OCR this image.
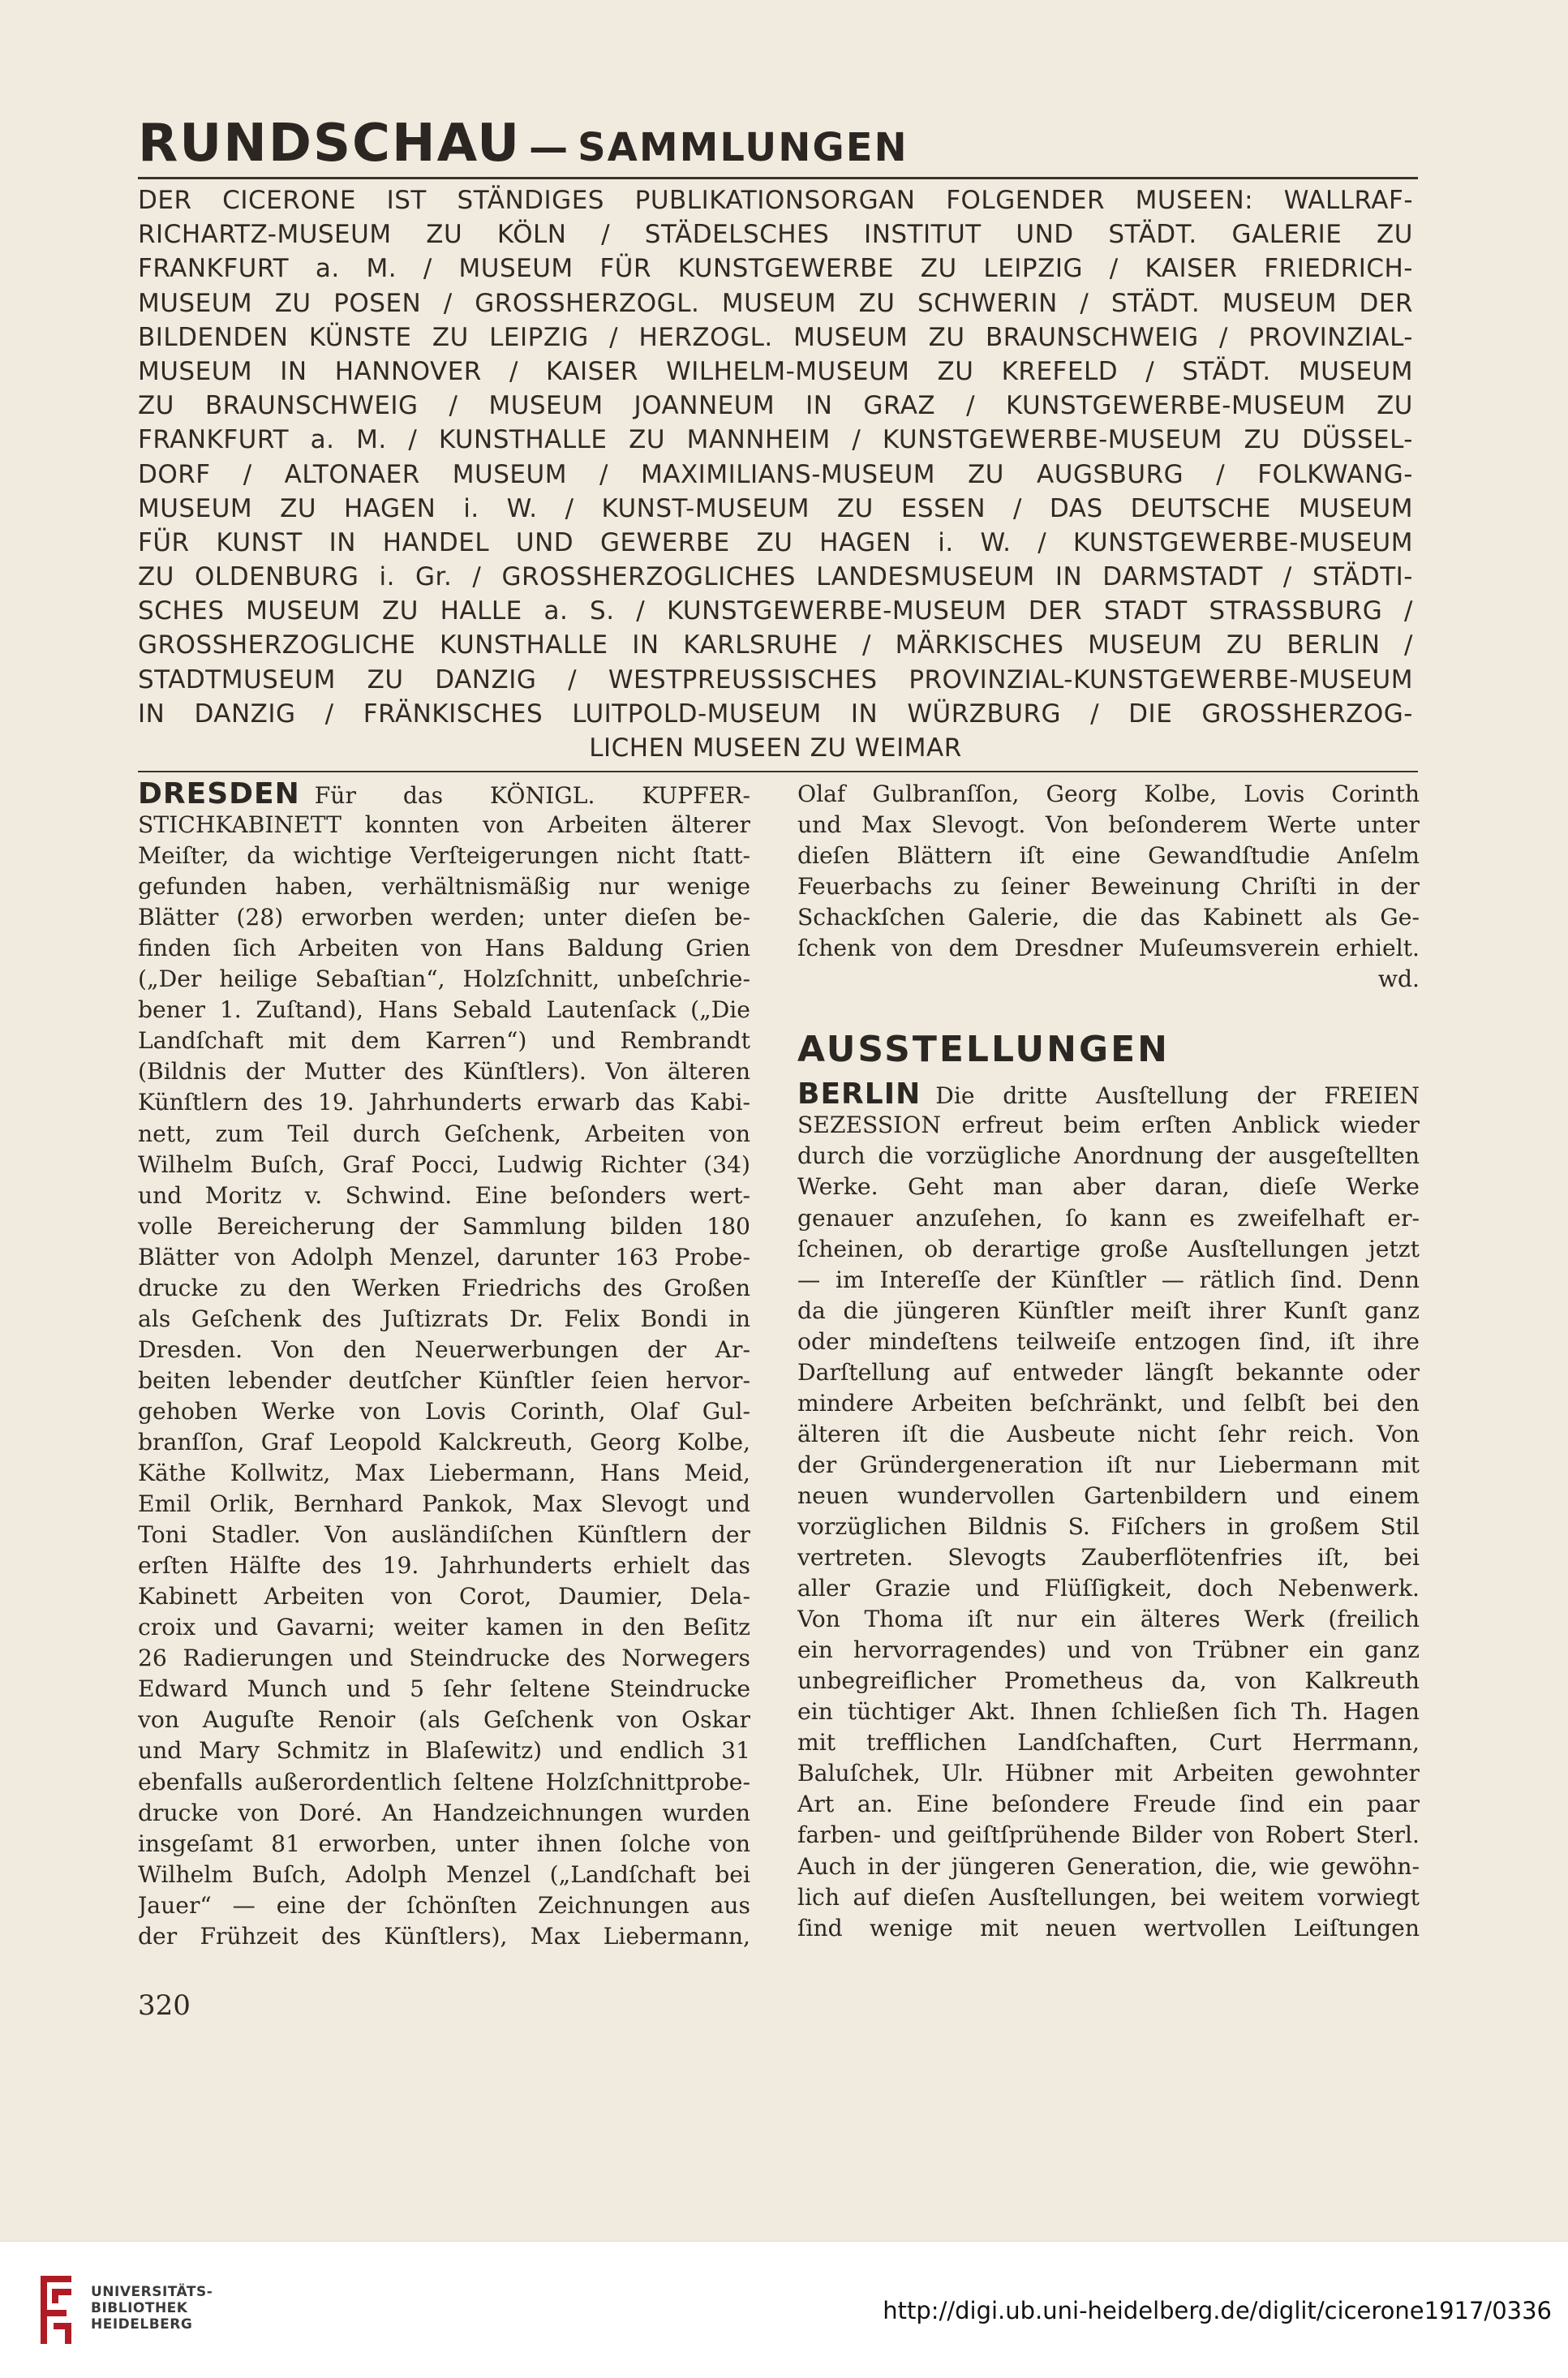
RUNDSCHAU — SAMMLUNGEN
DER CICERONE IST STÄNDIGES PUBLIKATIONSORGAN FOLGENDER MUSEEN: WALLRAF-
RICHARTZ-MUSEUM ZU KÖLN / STÄDELSCHES INSTITUT UND STÄDT. GALERIE ZU
FRANKFURT a. M. / MUSEUM FÜR KUNSTGEWERBE ZU LEIPZIG / KAISER FRIEDRICH-
MUSEUM ZU POSEN / GROSSHERZOGL. MUSEUM ZU SCHWERIN / STÄDT. MUSEUM DER
BILDENDEN KÜNSTE ZU LEIPZIG / HERZOGL. MUSEUM ZU BRAUNSCHWEIG / PROVINZIAL-
MUSEUM IN HANNOVER / KAISER WILHELM-MUSEUM ZU KREFELD / STÄDT. MUSEUM
ZU BRAUNSCHWEIG / MUSEUM JOANNEUM IN GRAZ / KUNSTGEWERBE-MUSEUM ZU
FRANKFURT a. M. / KUNSTHALLE ZU MANNHEIM / KUNSTGEWERBE-MUSEUM ZU DÜSSEL-
DORF / ALTONAER MUSEUM / MAXIMILIANS-MUSEUM ZU AUGSBURG / FOLKWANG-
MUSEUM ZU HAGEN i. W. / KUNST-MUSEUM ZU ESSEN / DAS DEUTSCHE MUSEUM
FÜR KUNST IN HANDEL UND GEWERBE ZU HAGEN i. W. / KUNSTGEWERBE-MUSEUM
ZU OLDENBURG i. Gr. / GROSSHERZOGLICHES LANDESMUSEUM IN DARMSTADT / STÄDTI-
SCHES MUSEUM ZU HALLE a. S. / KUNSTGEWERBE-MUSEUM DER STADT STRASSBURG /
GROSSHERZOGLICHE KUNSTHALLE IN KARLSRUHE / MÄRKISCHES MUSEUM ZU BERLIN /
STADTMUSEUM ZU DANZIG / WESTPREUSSISCHES PROVINZIAL-KUNSTGEWERBE-MUSEUM
IN DANZIG / FRÄNKISCHES LUITPOLD-MUSEUM IN WÜRZBURG / DIE GROSSHERZOG-
LICHEN MUSEEN ZU WEIMAR
DRESDEN Für das KÖNIGL. KUPFER-
STICHKABINETT konnten von Arbeiten älterer
Meiſter, da wichtige Verſteigerungen nicht ſtatt-
gefunden haben, verhältnismäßig nur wenige
Blätter (28) erworben werden; unter dieſen be-
finden ſich Arbeiten von Hans Baldung Grien
(„Der heilige Sebaſtian“, Holzſchnitt, unbeſchrie-
bener 1. Zuſtand), Hans Sebald Lautenſack („Die
Landſchaft mit dem Karren“) und Rembrandt
(Bildnis der Mutter des Künſtlers). Von älteren
Künſtlern des 19. Jahrhunderts erwarb das Kabi-
nett, zum Teil durch Geſchenk, Arbeiten von
Wilhelm Buſch, Graf Pocci, Ludwig Richter (34)
und Moritz v. Schwind. Eine beſonders wert-
volle Bereicherung der Sammlung bilden 180
Blätter von Adolph Menzel, darunter 163 Probe-
drucke zu den Werken Friedrichs des Großen
als Geſchenk des Juſtizrats Dr. Felix Bondi in
Dresden. Von den Neuerwerbungen der Ar-
beiten lebender deutſcher Künſtler ſeien hervor-
gehoben Werke von Lovis Corinth, Olaf Gul-
branſſon, Graf Leopold Kalckreuth, Georg Kolbe,
Käthe Kollwitz, Max Liebermann, Hans Meid,
Emil Orlik, Bernhard Pankok, Max Slevogt und
Toni Stadler. Von ausländiſchen Künſtlern der
erſten Hälfte des 19. Jahrhunderts erhielt das
Kabinett Arbeiten von Corot, Daumier, Dela-
croix und Gavarni; weiter kamen in den Beſitz
26 Radierungen und Steindrucke des Norwegers
Edward Munch und 5 ſehr ſeltene Steindrucke
von Auguſte Renoir (als Geſchenk von Oskar
und Mary Schmitz in Blaſewitz) und endlich 31
ebenfalls außerordentlich ſeltene Holzſchnittprobe-
drucke von Doré. An Handzeichnungen wurden
insgeſamt 81 erworben, unter ihnen ſolche von
Wilhelm Buſch, Adolph Menzel („Landſchaft bei
Jauer“ — eine der ſchönſten Zeichnungen aus
der Frühzeit des Künſtlers), Max Liebermann,
Olaf Gulbranſſon, Georg Kolbe, Lovis Corinth
und Max Slevogt. Von beſonderem Werte unter
dieſen Blättern iſt eine Gewandſtudie Anſelm
Feuerbachs zu ſeiner Beweinung Chriſti in der
Schackſchen Galerie, die das Kabinett als Ge-
ſchenk von dem Dresdner Muſeumsverein erhielt.
wd.
AUSSTELLUNGEN
BERLIN Die dritte Ausſtellung der FREIEN
SEZESSION erfreut beim erſten Anblick wieder
durch die vorzügliche Anordnung der ausgeſtellten
Werke. Geht man aber daran, dieſe Werke
genauer anzuſehen, ſo kann es zweifelhaft er-
ſcheinen, ob derartige große Ausſtellungen jetzt
— im Intereſſe der Künſtler — rätlich ſind. Denn
da die jüngeren Künſtler meiſt ihrer Kunſt ganz
oder mindeſtens teilweiſe entzogen ſind, iſt ihre
Darſtellung auf entweder längſt bekannte oder
mindere Arbeiten beſchränkt, und ſelbſt bei den
älteren iſt die Ausbeute nicht ſehr reich. Von
der Gründergeneration iſt nur Liebermann mit
neuen wundervollen Gartenbildern und einem
vorzüglichen Bildnis S. Fiſchers in großem Stil
vertreten. Slevogts Zauberflötenfries iſt, bei
aller Grazie und Flüſſigkeit, doch Nebenwerk.
Von Thoma iſt nur ein älteres Werk (freilich
ein hervorragendes) und von Trübner ein ganz
unbegreiflicher Prometheus da, von Kalkreuth
ein tüchtiger Akt. Ihnen ſchließen ſich Th. Hagen
mit trefflichen Landſchaften, Curt Herrmann,
Baluſchek, Ulr. Hübner mit Arbeiten gewohnter
Art an. Eine beſondere Freude ſind ein paar
farben- und geiſtſprühende Bilder von Robert Sterl.
Auch in der jüngeren Generation, die, wie gewöhn-
lich auf dieſen Ausſtellungen, bei weitem vorwiegt
ſind wenige mit neuen wertvollen Leiſtungen
320
UNIVERSITÄTS-
BIBLIOTHEK
HEIDELBERG	http://digi.ub.uni-heidelberg.de/diglit/cicerone1917/0336
